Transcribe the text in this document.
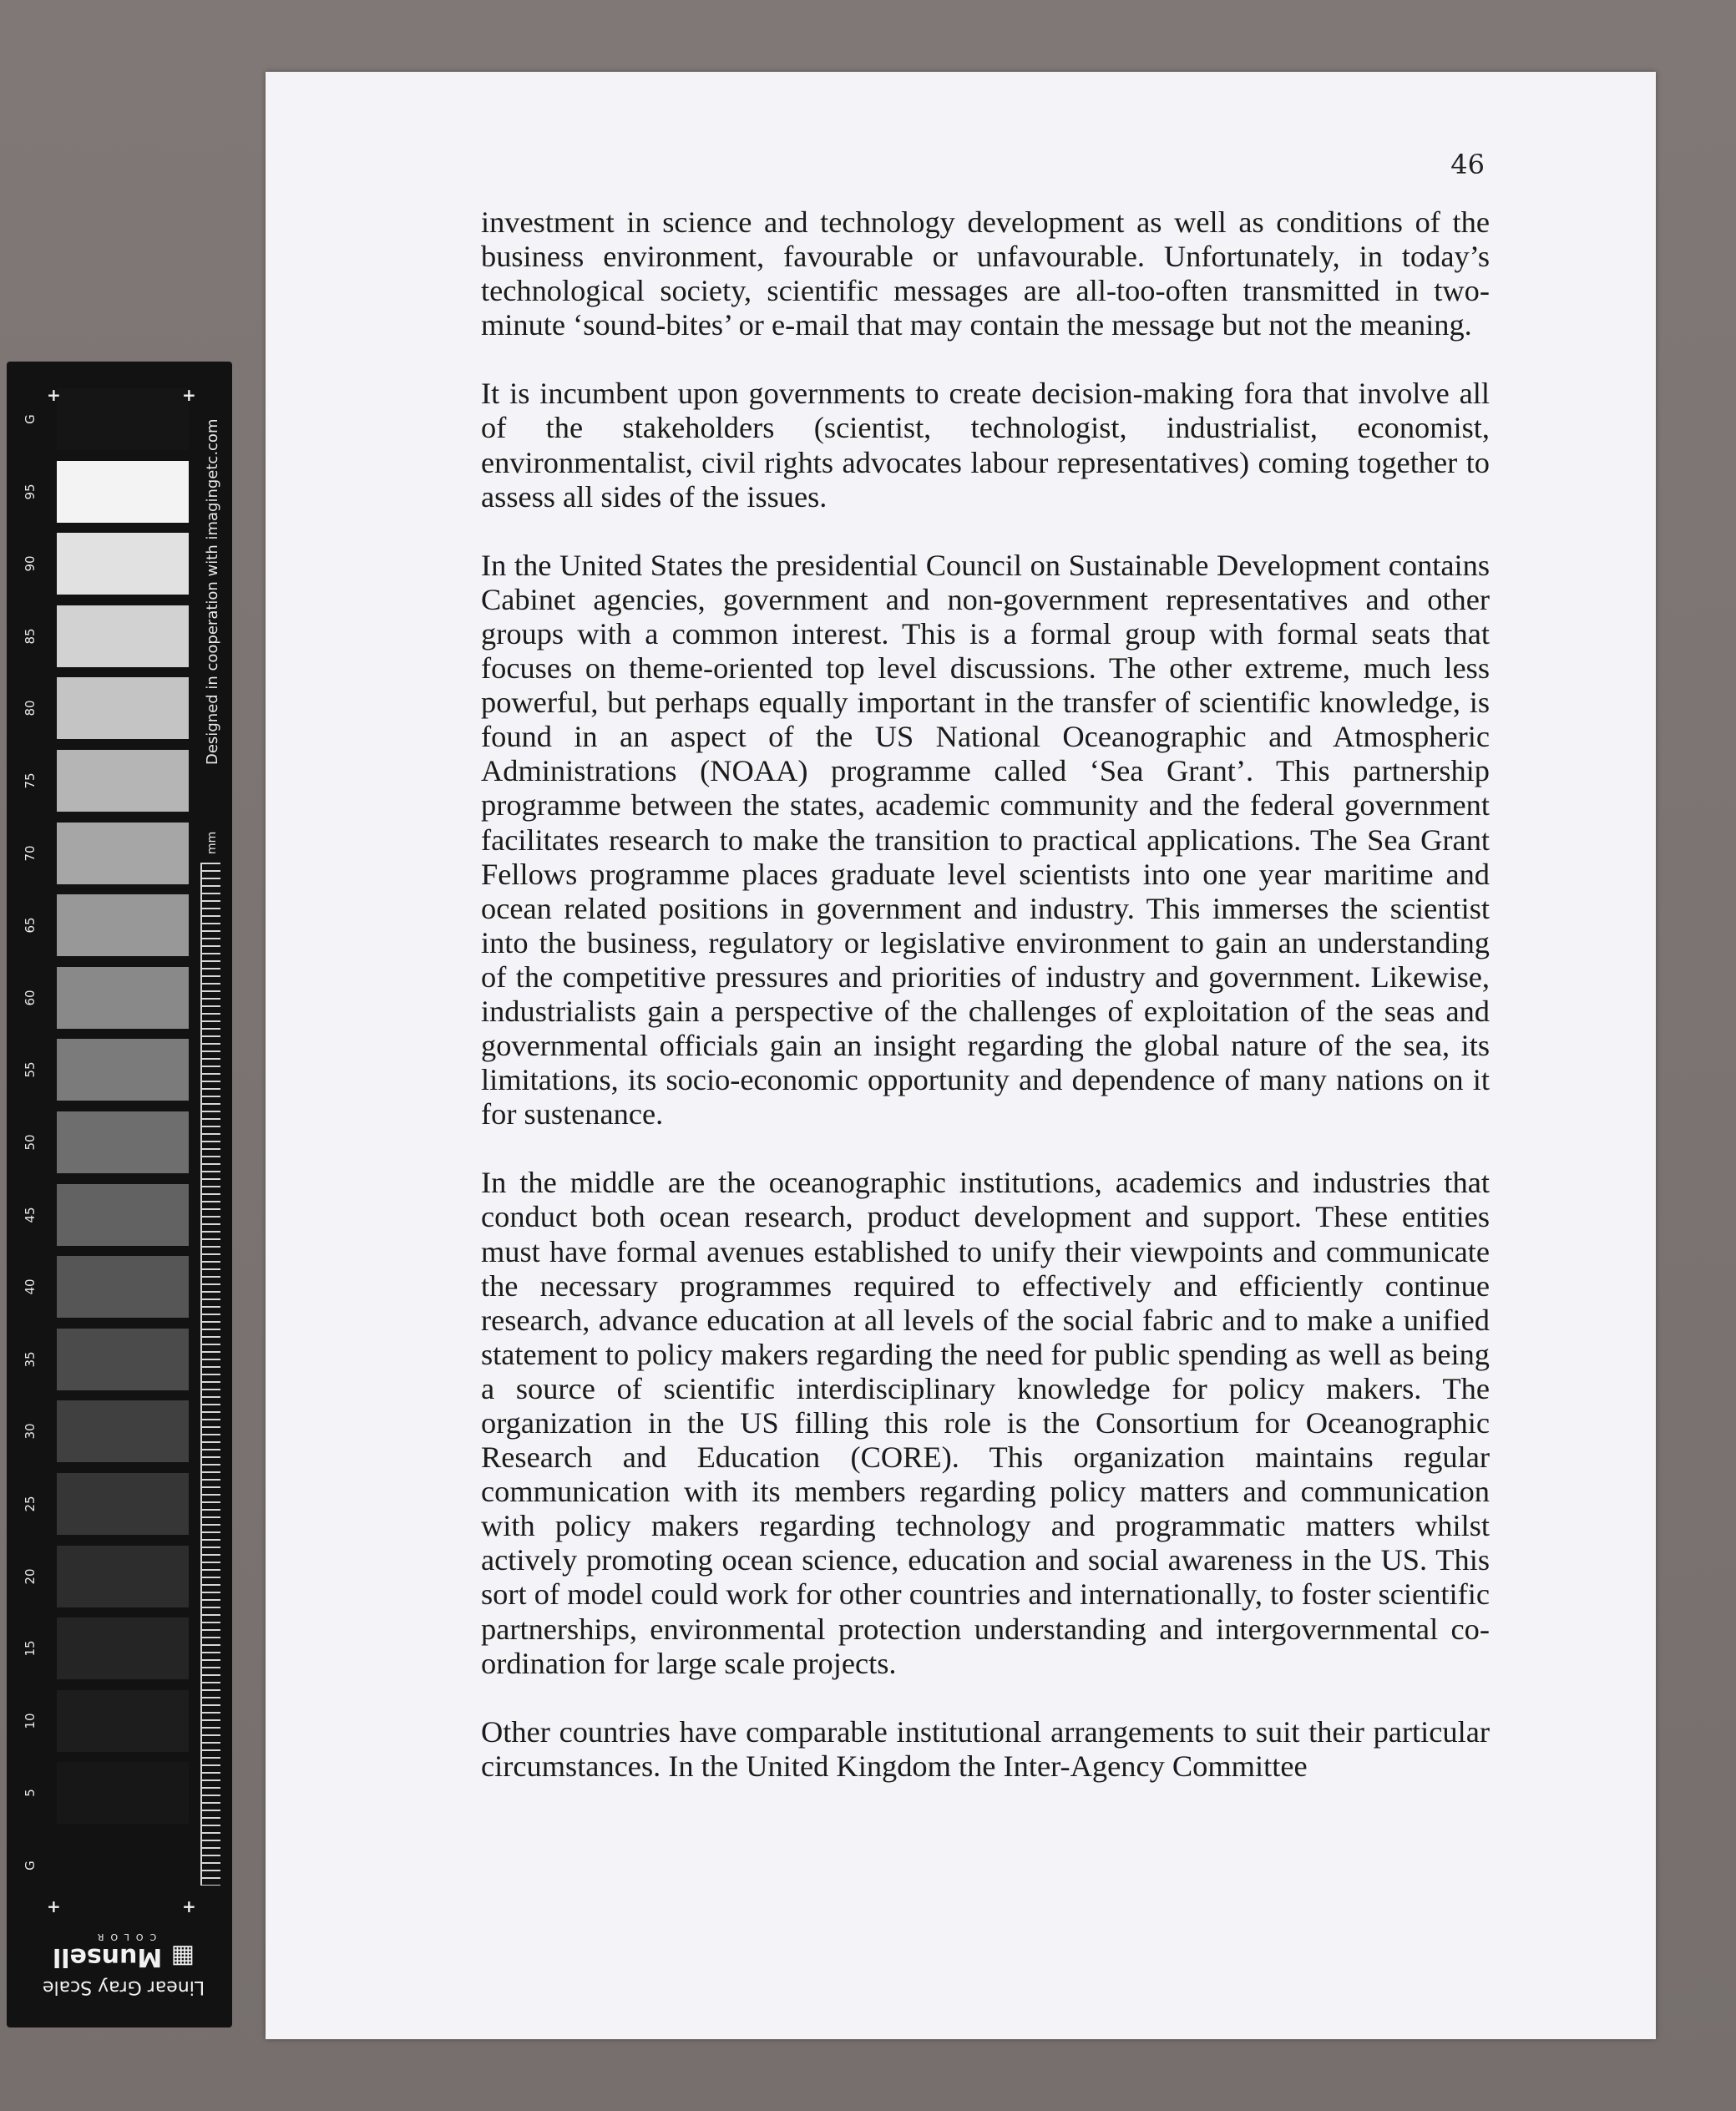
G
95
90
85
80
75
70
65
60
55
50
45
40
35
30
25
20
15
10
5
G
+	+
+	+
Designed in cooperation with imagingetc.com
mm
Linear Gray Scale
▦ Munsell
COLOR
46

investment in science and technology development as well as conditions of the business environment, favourable or unfavourable. Unfortunately, in today’s technological society, scientific messages are all-too-often transmitted in two-minute ‘sound-bites’ or e-mail that may contain the message but not the meaning.

It is incumbent upon governments to create decision-making fora that involve all of the stakeholders (scientist, technologist, industrialist, economist, environmentalist, civil rights advocates labour representatives) coming together to assess all sides of the issues.

In the United States the presidential Council on Sustainable Development contains Cabinet agencies, government and non-government representatives and other groups with a common interest. This is a formal group with formal seats that focuses on theme-oriented top level discussions. The other extreme, much less powerful, but perhaps equally important in the transfer of scientific knowledge, is found in an aspect of the US National Oceanographic and Atmospheric Administrations (NOAA) programme called ‘Sea Grant’. This partnership programme between the states, academic community and the federal government facilitates research to make the transition to practical applications. The Sea Grant Fellows programme places graduate level scientists into one year maritime and ocean related positions in government and industry. This immerses the scientist into the business, regulatory or legislative environment to gain an understanding of the competitive pressures and priorities of industry and government. Likewise, industrialists gain a perspective of the challenges of exploitation of the seas and governmental officials gain an insight regarding the global nature of the sea, its limitations, its socio-economic opportunity and dependence of many nations on it for sustenance.

In the middle are the oceanographic institutions, academics and industries that conduct both ocean research, product development and support. These entities must have formal avenues established to unify their viewpoints and communicate the necessary programmes required to effectively and efficiently continue research, advance education at all levels of the social fabric and to make a unified statement to policy makers regarding the need for public spending as well as being a source of scientific interdisciplinary knowledge for policy makers. The organization in the US filling this role is the Consortium for Oceanographic Research and Education (CORE). This organization maintains regular communication with its members regarding policy matters and communication with policy makers regarding technology and programmatic matters whilst actively promoting ocean science, education and social awareness in the US. This sort of model could work for other countries and internationally, to foster scientific partnerships, environmental protection understanding and intergovernmental co-ordination for large scale projects.

Other countries have comparable institutional arrangements to suit their particular circumstances. In the United Kingdom the Inter-Agency Committee
